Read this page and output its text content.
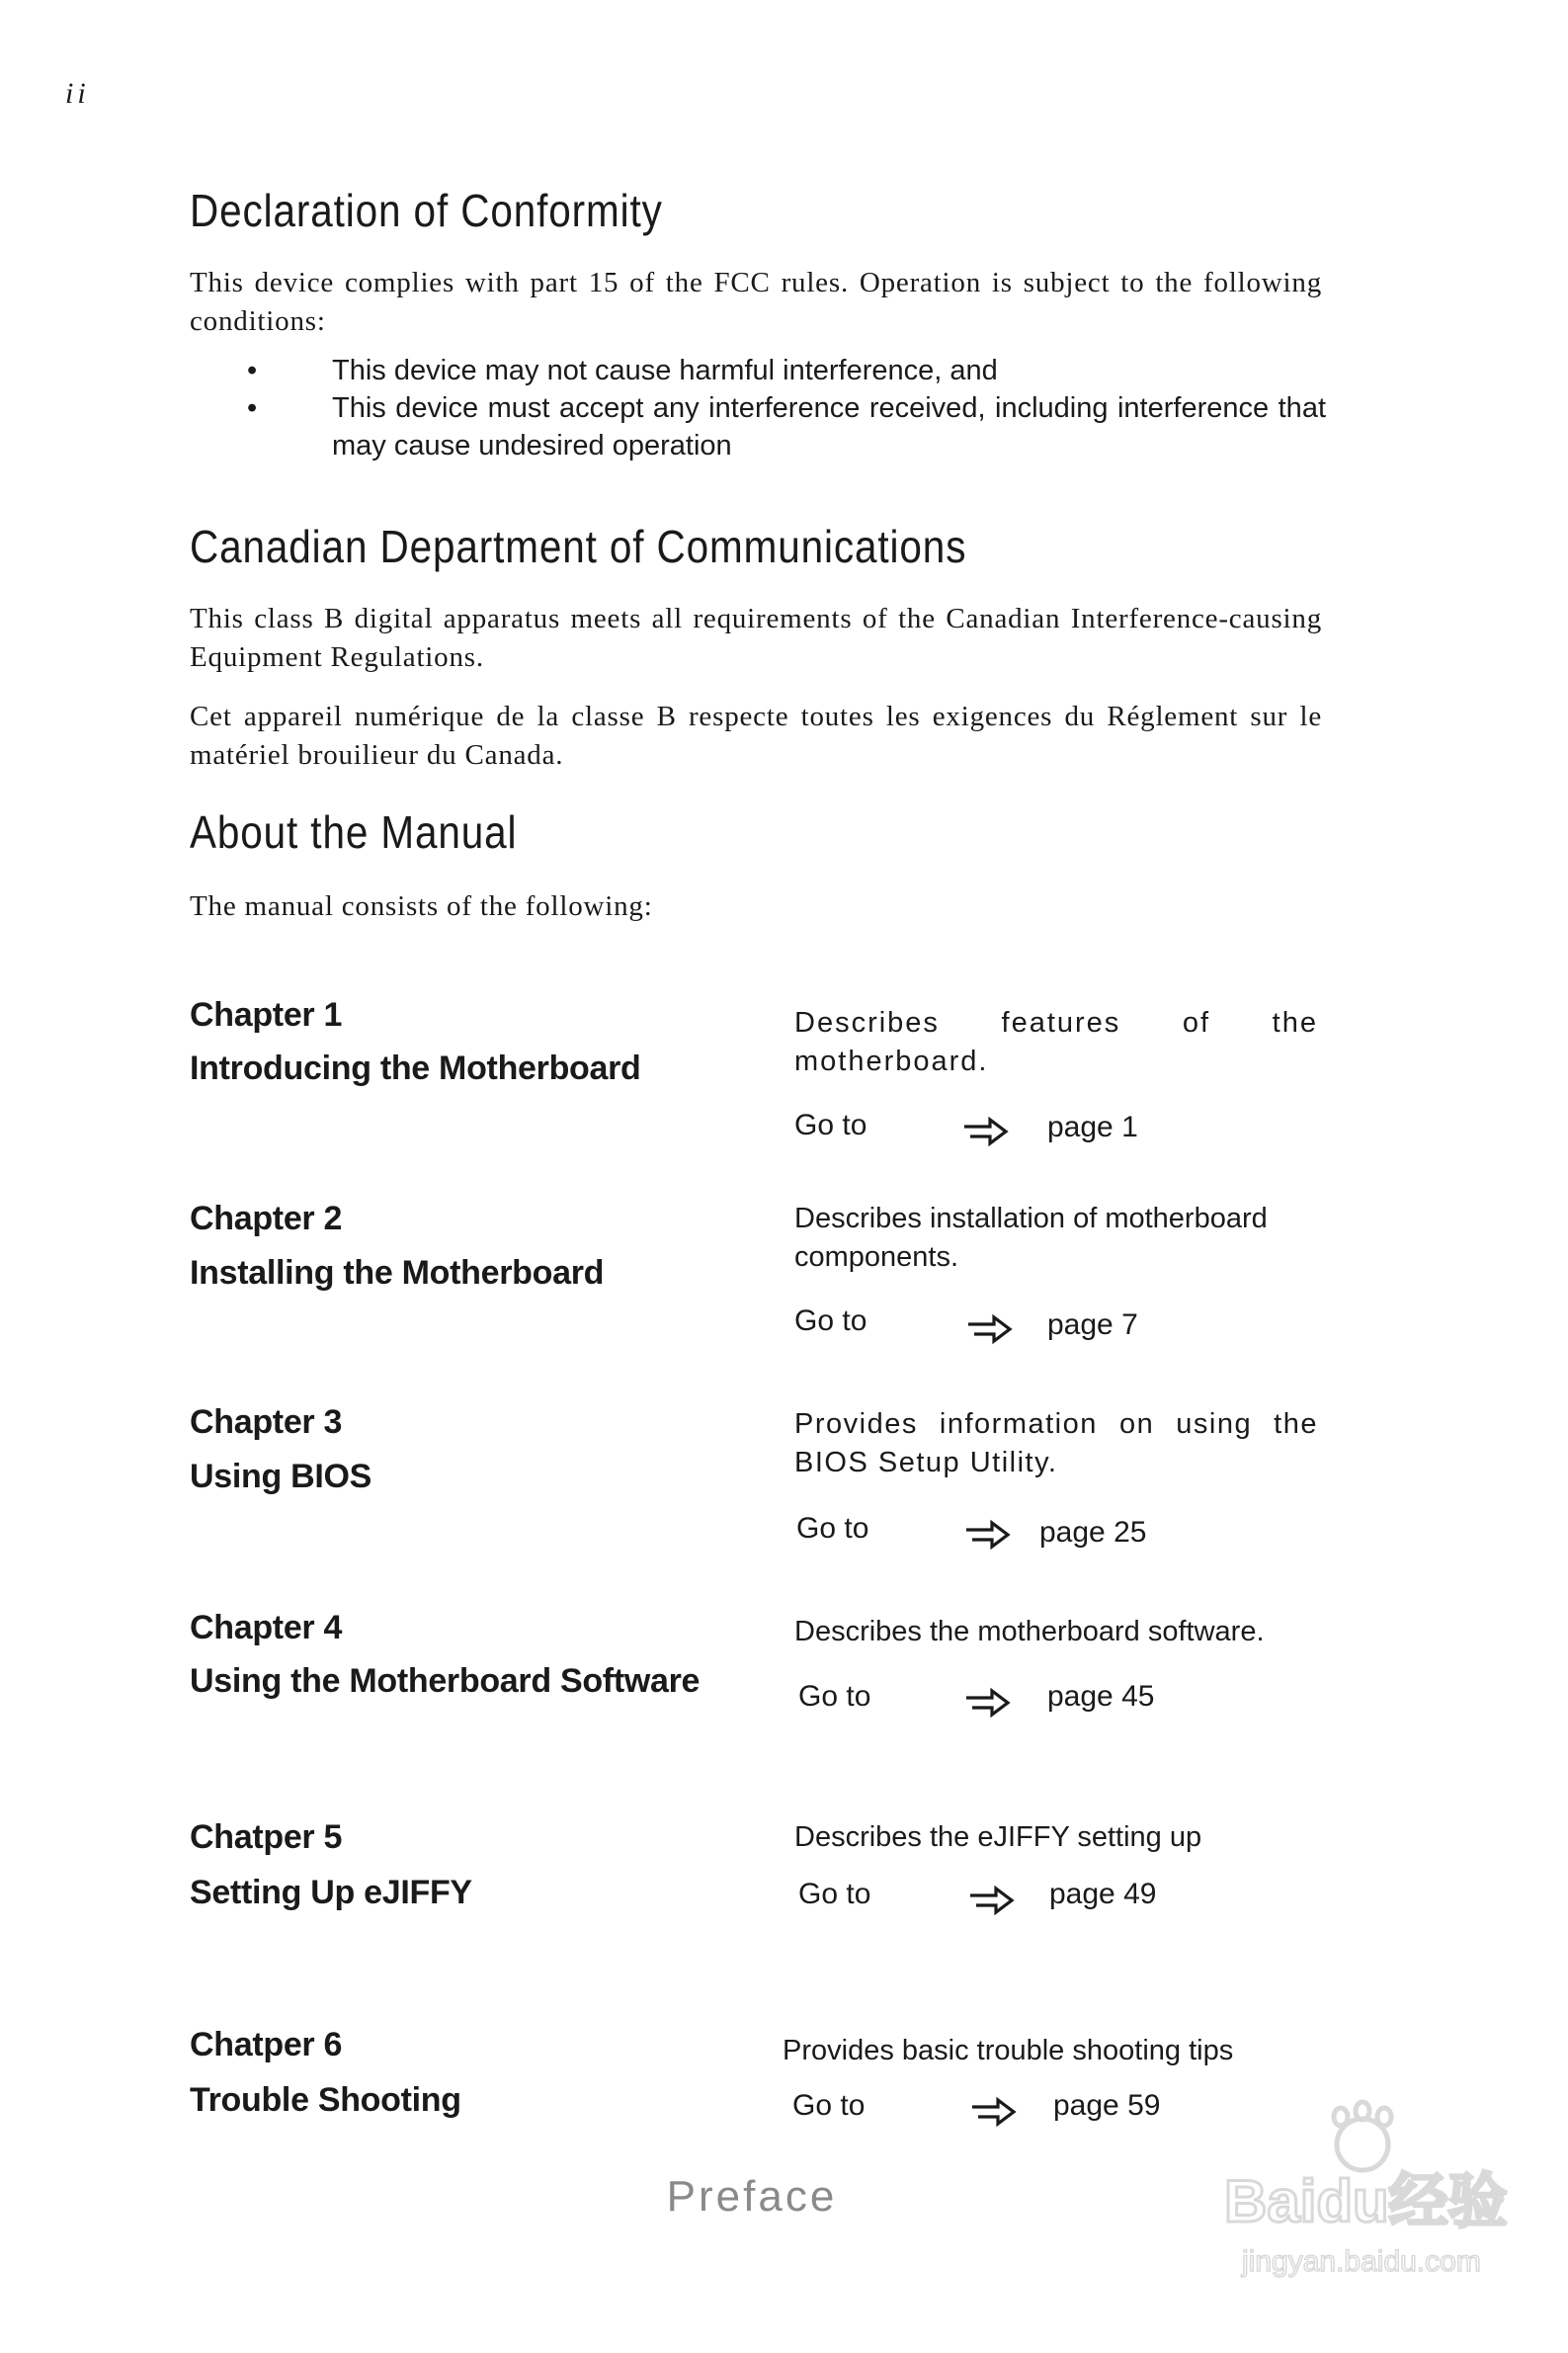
ii
Declaration of Conformity

This device complies with part 15 of the FCC rules. Operation is subject to the following conditions:

•	This device may not cause harmful interference, and
•	This device must accept any interference received, including interference that may cause undesired operation
Canadian Department of Communications

This class B digital apparatus meets all requirements of the Canadian Interference-causing Equipment Regulations.

Cet appareil numérique de la classe B respecte toutes les exigences du Réglement sur le matériel brouilieur du Canada.

About the Manual

The manual consists of the following:

Chapter 1
Introducing the Motherboard
Describes features of the motherboard.
Go to	page 1
Chapter 2
Installing the Motherboard
Describes installation of motherboard components.
Go to	page 7
Chapter 3
Using BIOS
Provides information on using the BIOS Setup Utility.
Go to	page 25
Chapter 4
Using the Motherboard Software
Describes the motherboard software.
Go to	page 45
Chatper 5
Setting Up eJIFFY
Describes the eJIFFY setting up
Go to	page 49
Chatper 6
Trouble Shooting
Provides basic trouble shooting tips
Go to	page 59
Preface	Baidu经验
jingyan.baidu.com
